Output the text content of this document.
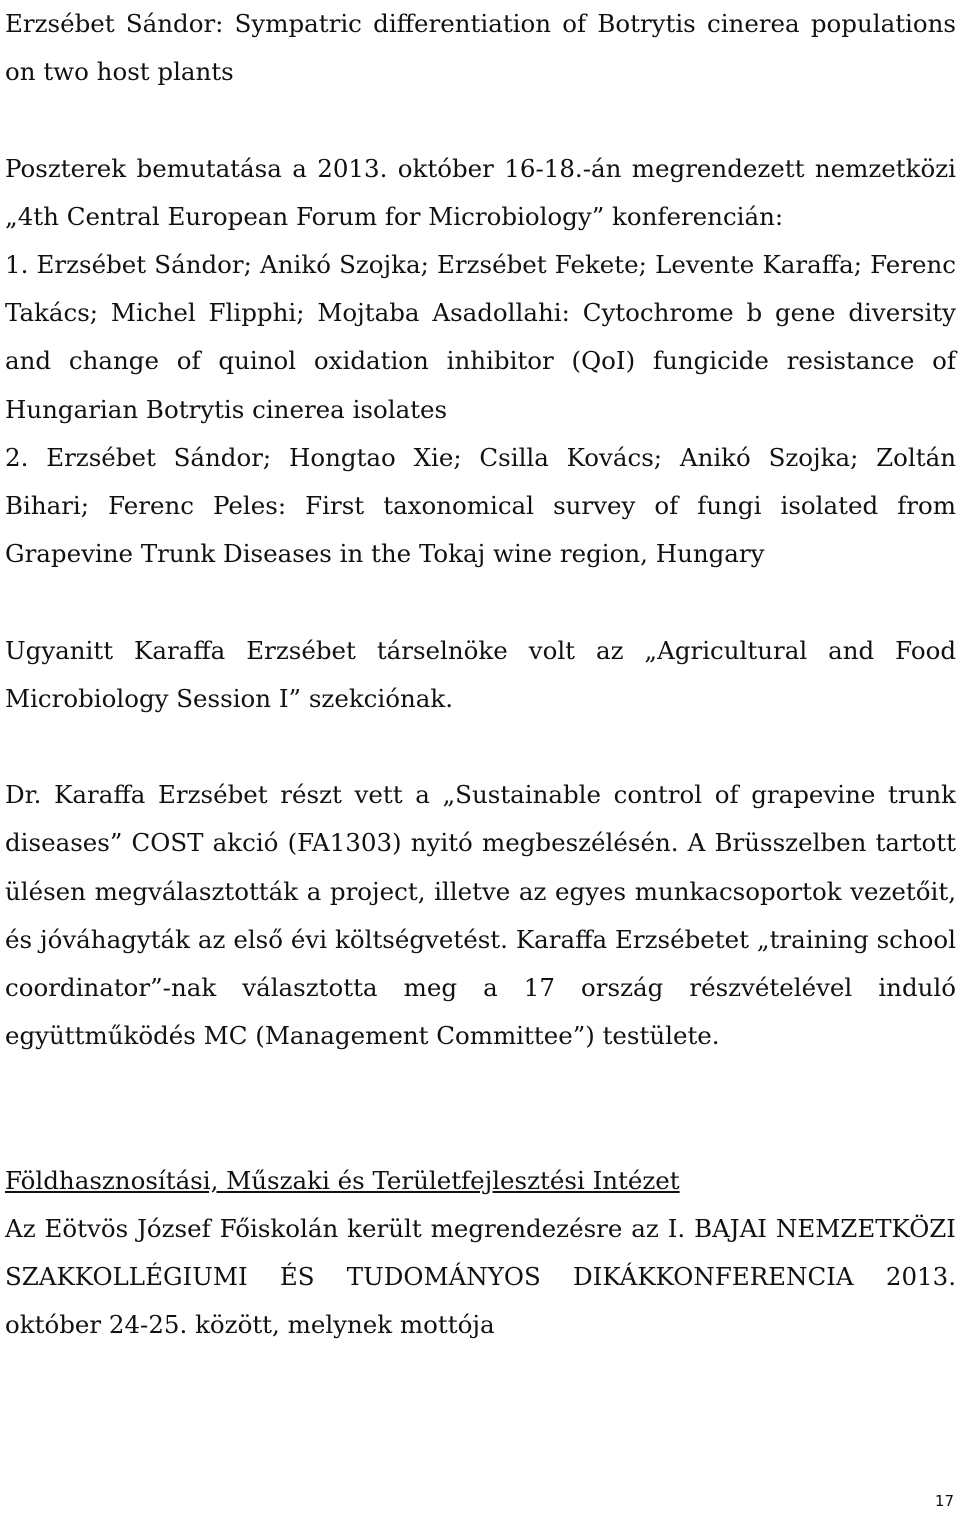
Erzsébet Sándor: Sympatric differentiation of Botrytis cinerea populations on two host plants

Poszterek bemutatása a 2013. október 16-18.-án megrendezett nemzetközi „4th Central European Forum for Microbiology” konferencián:

1. Erzsébet Sándor; Anikó Szojka; Erzsébet Fekete; Levente Karaffa; Ferenc Takács; Michel Flipphi; Mojtaba Asadollahi: Cytochrome b gene diversity and change of quinol oxidation inhibitor (QoI) fungicide resistance of Hungarian Botrytis cinerea isolates

2. Erzsébet Sándor; Hongtao Xie; Csilla Kovács; Anikó Szojka; Zoltán Bihari; Ferenc Peles: First taxonomical survey of fungi isolated from Grapevine Trunk Diseases in the Tokaj wine region, Hungary

Ugyanitt Karaffa Erzsébet társelnöke volt az „Agricultural and Food Microbiology Session I” szekciónak.

Dr. Karaffa Erzsébet részt vett a „Sustainable control of grapevine trunk diseases” COST akció (FA1303) nyitó megbeszélésén. A Brüsszelben tartott ülésen megválasztották a project, illetve az egyes munkacsoportok vezetőit, és jóváhagyták az első évi költségvetést. Karaffa Erzsébetet „training school coordinator”-nak választotta meg a 17 ország részvételével induló együttműködés MC (Management Committee”) testülete.

Földhasznosítási, Műszaki és Területfejlesztési Intézet

Az Eötvös József Főiskolán került megrendezésre az I. BAJAI NEMZETKÖZI SZAKKOLLÉGIUMI ÉS TUDOMÁNYOS DIKÁKKONFERENCIA 2013. október 24-25. között, melynek mottója

17
